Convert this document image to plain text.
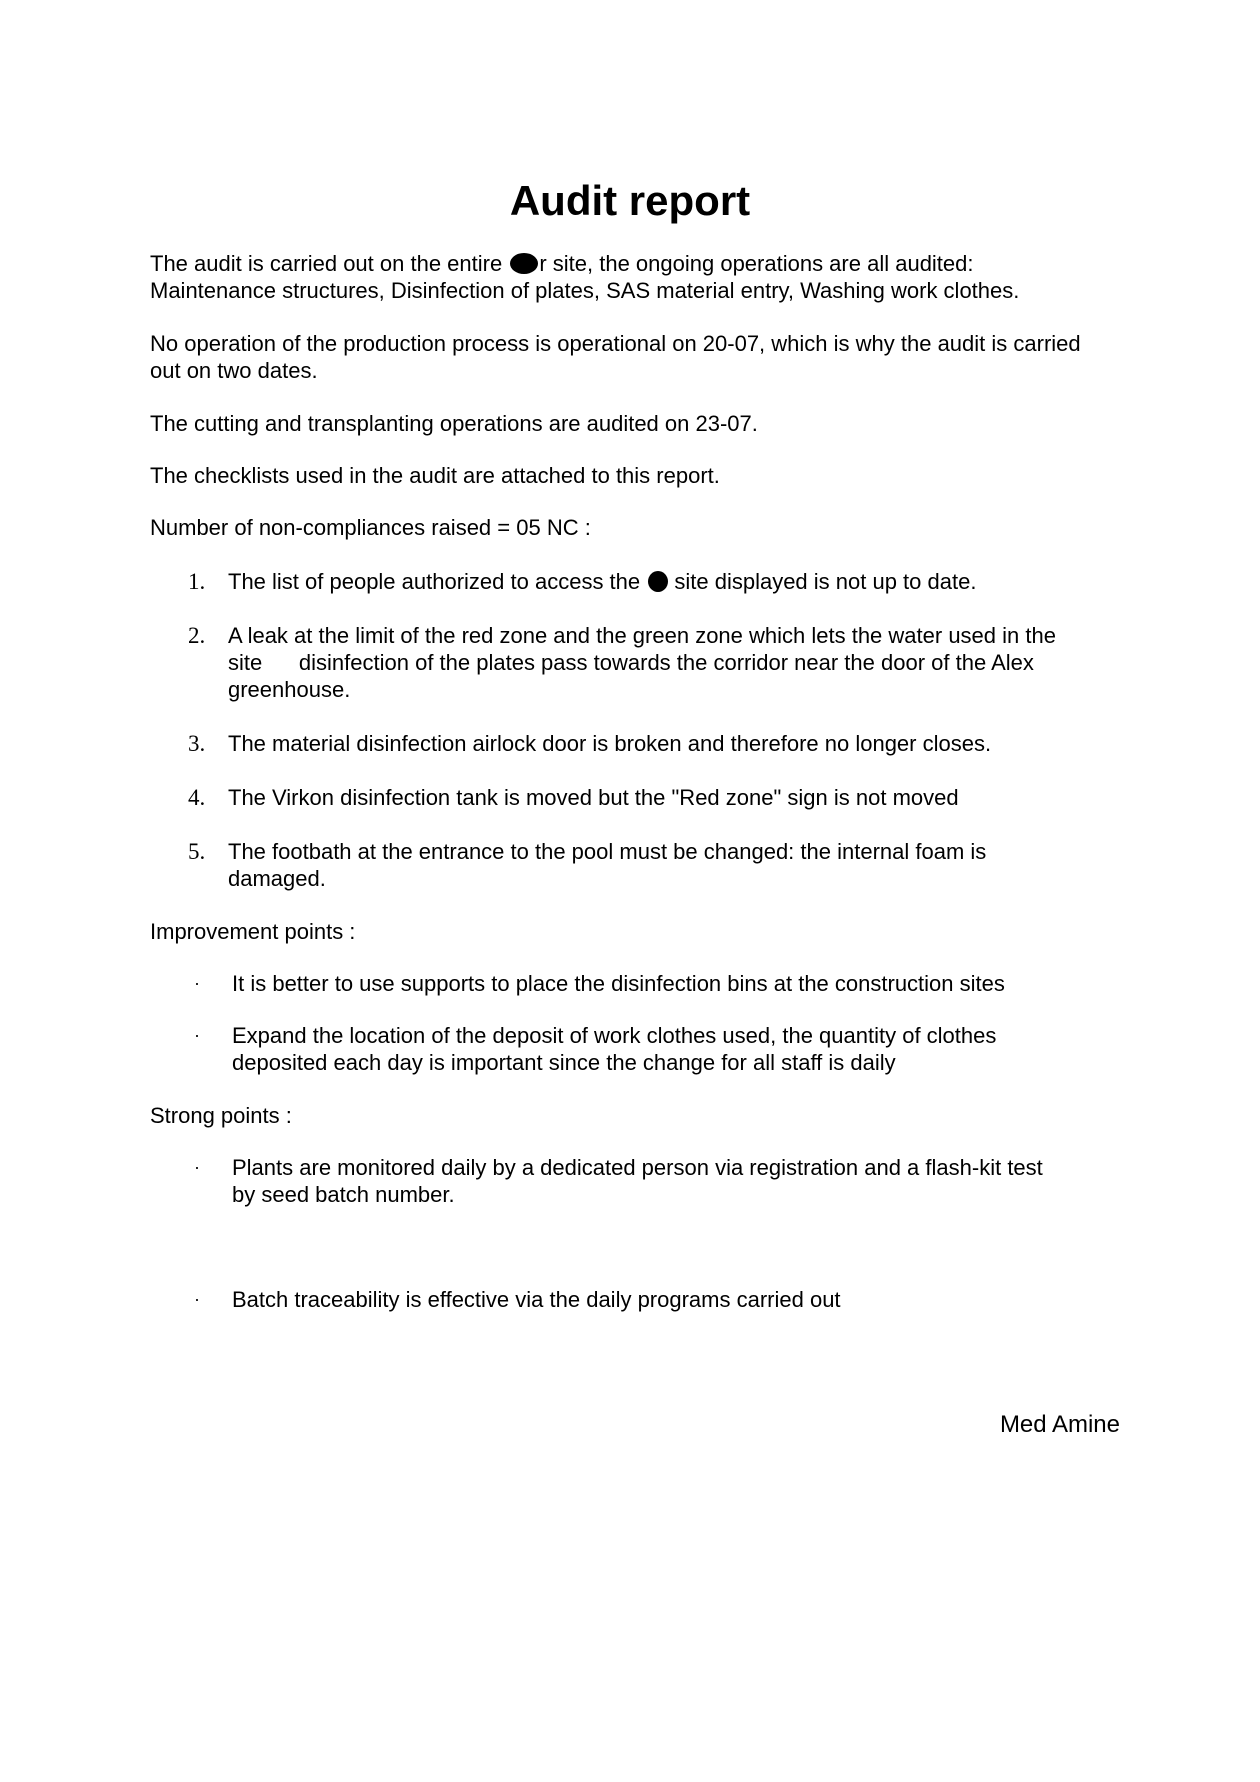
Audit report
The audit is carried out on the entire r site, the ongoing operations are all audited:
Maintenance structures, Disinfection of plates, SAS material entry, Washing work clothes.
No operation of the production process is operational on 20-07, which is why the audit is carried out on two dates.
The cutting and transplanting operations are audited on 23-07.
The checklists used in the audit are attached to this report.
Number of non-compliances raised = 05 NC :
1.	The list of people authorized to access the  site displayed is not up to date.
2.	A leak at the limit of the red zone and the green zone which lets the water used in the
site      disinfection of the plates pass towards the corridor near the door of the Alex
greenhouse.
3.	The material disinfection airlock door is broken and therefore no longer closes.
4.	The Virkon disinfection tank is moved but the "Red zone" sign is not moved
5.	The footbath at the entrance to the pool must be changed: the internal foam is
damaged.
Improvement points :
· It is better to use supports to place the disinfection bins at the construction sites
· Expand the location of the deposit of work clothes used, the quantity of clothes
deposited each day is important since the change for all staff is daily
Strong points :
· Plants are monitored daily by a dedicated person via registration and a flash-kit test
by seed batch number.
· Batch traceability is effective via the daily programs carried out
Med Amine
